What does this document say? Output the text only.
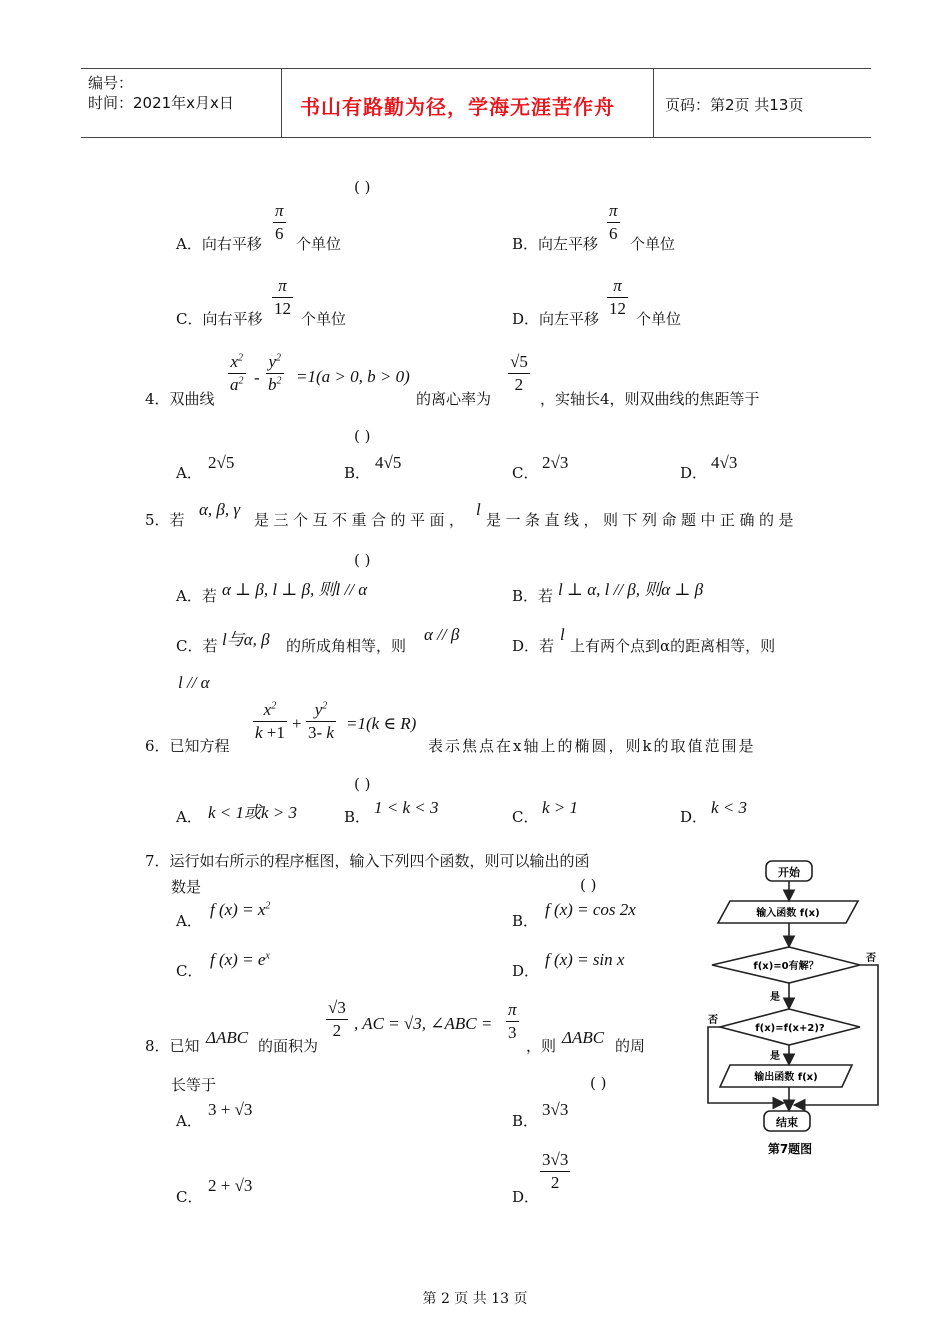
编号：
时间：2021年x月x日	书山有路勤为径，学海无涯苦作舟	页码：第2页 共13页
( )
A．向右平移
π
6
个单位	B．向左平移
π
6
个单位
C．向右平移
π
12
个单位	D．向左平移
π
12
个单位
4．双曲线
$x^2$
$a^2$ -
$y^2$
$b^2 =1(a > 0$, b > 0)
的离心率为
√5
2
，实轴长4，则双曲线的焦距等于
( )
A．
2√5
B．
4√5
C．
2√3
D．
4√3
5．若
α, β, γ
是三个互不重合的平面，
l
是一条直线，则下列命题中正确的是
( )
A．若 α ⊥ β, l ⊥ β, 则l // α	B．若 l ⊥ α, l // β, 则α ⊥ β
C．若 l与α, β 的所成角相等，则
α // β
D．若
l
上有两个点到α的距离相等，则
l // α
6．已知方程
$x^2$
k +1 +
$y^2$
3- k =1(k ∈ R)
表示焦点在x轴上的椭圆，则k的取值范围是
( )
A． k < 1或k > 3	B． 1 < k < 3	C． k > 1	D． k < 3
7．运行如右所示的程序框图，输入下列四个函数，则可以输出的函
数是	( )
A．
f $(x) = x^2$
B．
f (x) = cos 2x
C．
f $(x) = e^x$
D．
f (x) = sin x
8．已知 ΔABC 的面积为
√3
2 , AC = √3, ∠ABC =
π
3
，则 ΔABC 的周
长等于	( )
A．
3 + √3
B．
3√3
C．
2 + √3
D．
3√3
2
开始
输入函数 f(x)
f(x)=0有解？
否
是
f(x)=f(x+2)?
否
是
输出函数 f(x)
结束
第7题图
第 2 页 共 13 页
